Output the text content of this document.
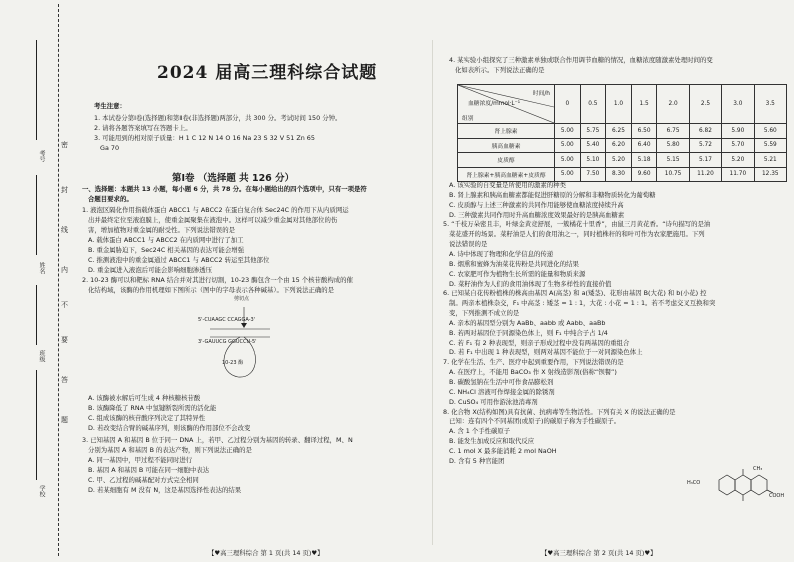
考号
姓名
班级
学校
密
封
线
内
不
要
答
题
2024 届高三理科综合试题
考生注意：
1. 本试卷分第Ⅰ卷(选择题)和第Ⅱ卷(非选择题)两部分，共 300 分。考试时间 150 分钟。
2. 请将各题答案填写在答题卡上。
3. 可能用到的相对原子质量：H 1 C 12 N 14 O 16 Na 23 S 32 V 51 Zn 65
Ga 70
第Ⅰ卷 （选择题 共 126 分）
一、选择题：本题共 13 小题，每小题 6 分，共 78 分。在每小题给出的四个选项中，只有一项是符
合题目要求的。
1. 液泡区隔化作用指载体蛋白 ABCC1 与 ABCC2 在蛋白复合体 Sec24C 的作用下从内质网运
出并最终定位至液泡膜上，使重金属聚集在液泡中。这样可以减少重金属对其他部位的伤
害，增加植物对重金属的耐受性。下列说法错误的是
A. 载体蛋白 ABCC1 与 ABCC2 在内质网中进行了加工
B. 重金属胁迫下，Sec24C 相关基因的表达可能会增强
C. 推测液泡中的重金属通过 ABCC1 与 ABCC2 转运至其他部位
D. 重金属进入液泡后可能会影响细胞渗透压
2. 10-23 酶可以和靶标 RNA 结合并对其进行切割，10-23 酶包含一个由 15 个核苷酸构成的催
化结构域，该酶的作用机理如下图所示（图中的字母表示各种碱基）。下列说法正确的是
A. 该酶被水解后可生成 4 种核糖核苷酸
B. 该酶降低了 RNA 中氢键断裂所需的活化能
C. 组成该酶的核苷酸序列决定了其特异性
D. 若改变结合臂的碱基序列，则该酶的作用部位不会改变
3. 已知基因 A 和基因 B 位于同一 DNA 上，若甲、乙过程分别为基因的转录、翻译过程，M、N
分别为基因 A 和基因 B 的表达产物，则下列说法正确的是
A. 同一基因中，甲过程不能同时进行
B. 基因 A 和基因 B 可能在同一细胞中表达
C. 甲、乙过程的碱基配对方式完全相同
D. 若某细胞有 M 没有 N，这是基因选择性表达的结果
剪切点
5'-CUAAGC CCAGGA-3'
3'-GAUUCG GGUCCU-5'
10-23 酶
【♥高三理科综合 第 1 页(共 14 页)♥】
4. 某实验小组探究了三种激素单独或联合作用调节血糖的情况，血糖浓度随激素处理时间的变
化如表所示。下列说法正确的是
时间/h
血糖浓度/mmol·L⁻¹
组别	0	0.5	1.0	1.5	2.0	2.5	3.0	3.5
肾上腺素	5.00	5.75	6.25	6.50	6.75	6.82	5.90	5.60
胰高血糖素	5.00	5.40	6.20	6.40	5.80	5.72	5.70	5.59
皮质醇	5.00	5.10	5.20	5.18	5.15	5.17	5.20	5.21
肾上腺素+胰高血糖素+皮质醇	5.00	7.50	8.30	9.60	10.75	11.20	11.70	12.35
A. 该实验的自变量是所使用的激素的种类
B. 肾上腺素和胰高血糖素都能促进肝糖原的分解和非糖物质转化为葡萄糖
C. 皮质醇与上述三种激素的共同作用能够使血糖浓度持续升高
D. 三种激素共同作用时升高血糖浓度效果最好的是胰高血糖素
5. “千枝万朵密且丰，叶绿金黄竞舒展，一簇橘花十里香”，由鼠三月黄花香。“诗句描写的是油
菜花盛开的场景。菜籽油是人们的食用油之一，同时植株秆的和叶可作为农家肥施用。下列
说法错误的是
A. 诗中体现了物理和化学信息的传递
B. 烟熏和蜜蜂为油菜花传粉是共同进化的结果
C. 农家肥可作为植物生长所需的能量和物质来源
D. 菜籽油作为人们的食用油体现了生物多样性的直接价值
6. 已知某自花传粉植株的株高由基因 A(高茎) 和 a(矮茎)、花形由基因 B(大花) 和 b(小花) 控
制。两亲本植株杂交，F₁ 中高茎 : 矮茎 = 1 : 1，大花 : 小花 = 1 : 1。若不考虑交叉互换和突
变，下列推测不成立的是
A. 亲本的基因型分别为 AaBb、aabb 或 Aabb、aaBb
B. 若两对基因位于同源染色体上，则 F₁ 中纯合子占 1/4
C. 若 F₁ 有 2 种表现型，则亲子形成过程中没有两基因的重组合
D. 若 F₁ 中出现 1 种表现型，则两对基因不能位于一对同源染色体上
7. 化学在生活、生产、医疗中起到重要作用，下列说法错误的是
A. 在医疗上，不能用 BaCO₃ 作 X 射线造影剂(俗称“钡餐”)
B. 碳酸氢钠在生活中可作食品膨松剂
C. NH₄Cl 溶液可作焊接金属的除锈剂
D. CuSO₄ 可用作游泳池消毒剂
8. 化合物 X(结构如图)具有抗菌、抗病毒等生物活性。下列有关 X 的说法正确的是
已知：连有四个不同基团(或原子)的碳原子称为手性碳原子。
A. 含 1 个手性碳原子
B. 能发生加成反应和取代反应
C. 1 mol X 最多能消耗 2 mol NaOH
D. 含有 5 种官能团
H₃CO
COOH
CH₃
【♥高三理科综合 第 2 页(共 14 页)♥】
